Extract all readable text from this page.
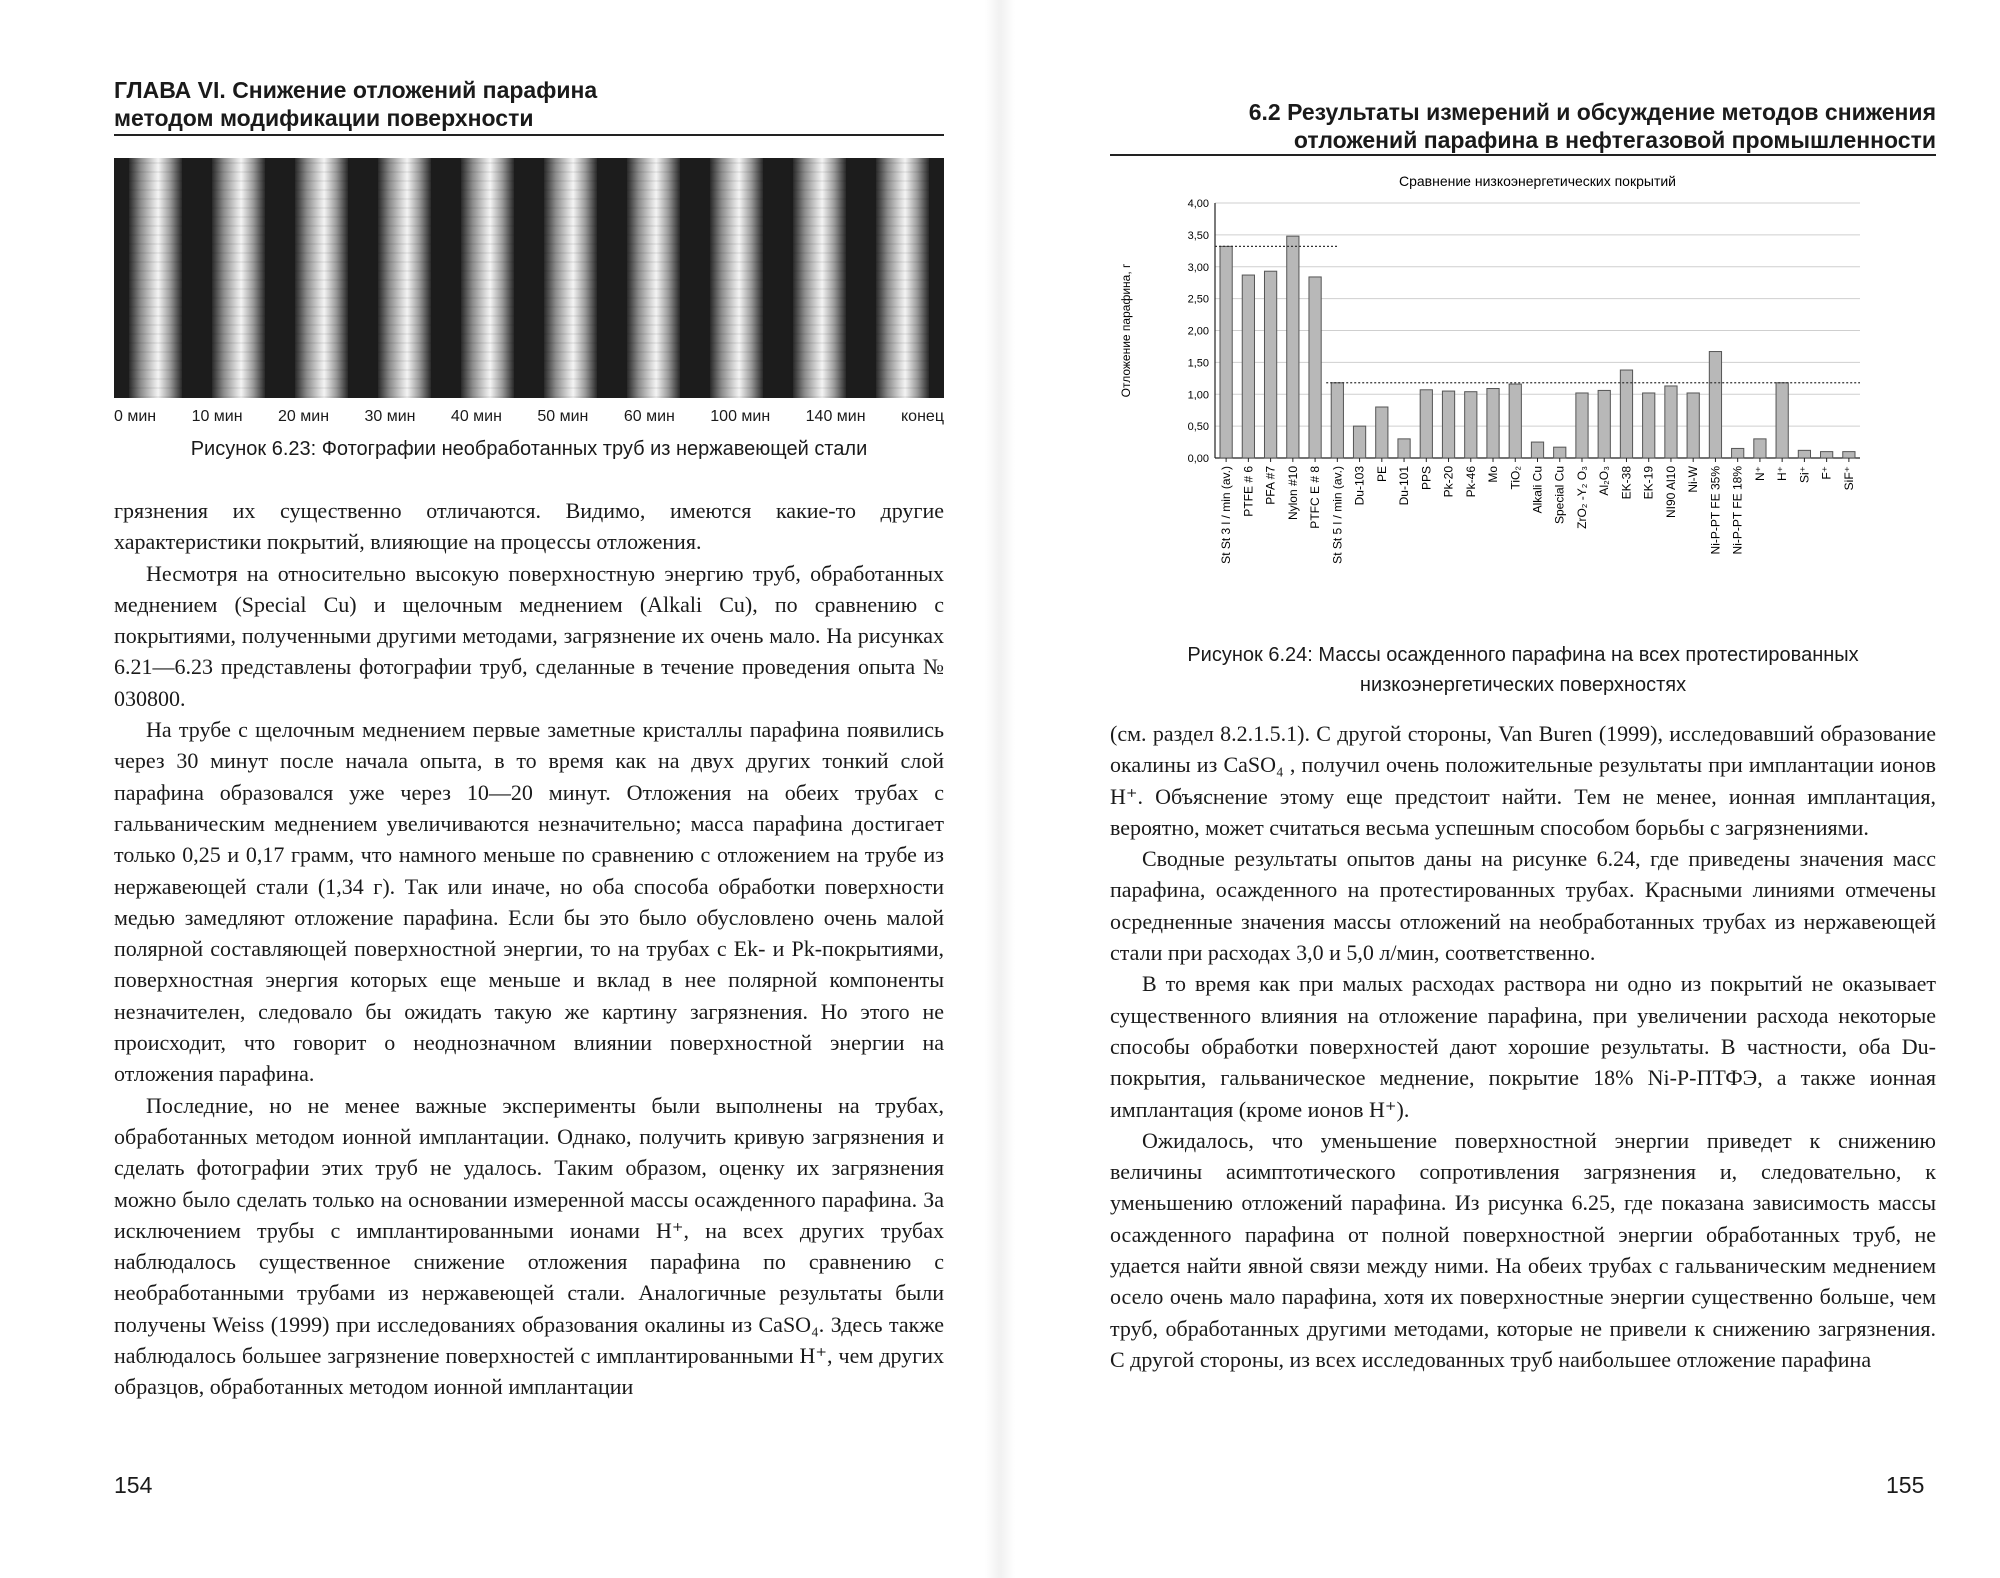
ГЛАВА VI. Снижение отложений парафина
методом модификации поверхности
0 мин 10 мин 20 мин 30 мин 40 мин 50 мин 60 мин 100 мин 140 мин конец
Рисунок 6.23: Фотографии необработанных труб из нержавеющей стали

грязнения их существенно отличаются. Видимо, имеются какие-то другие характеристики покрытий, влияющие на процессы отложения.

Несмотря на относительно высокую поверхностную энергию труб, обработанных меднением (Special Cu) и щелочным меднением (Alkali Cu), по сравнению с покрытиями, полученными другими методами, загрязнение их очень мало. На рисунках 6.21—6.23 представлены фотографии труб, сделанные в течение проведения опыта № 030800.

На трубе с щелочным меднением первые заметные кристаллы парафина появились через 30 минут после начала опыта, в то время как на двух других тонкий слой парафина образовался уже через 10—20 минут. Отложения на обеих трубах с гальваническим меднением увеличиваются незначительно; масса парафина достигает только 0,25 и 0,17 грамм, что намного меньше по сравнению с отложением на трубе из нержавеющей стали (1,34 г). Так или иначе, но оба способа обработки поверхности медью замедляют отложение парафина. Если бы это было обусловлено очень малой полярной составляющей поверхностной энергии, то на трубах с Ek- и Pk-покрытиями, поверхностная энергия которых еще меньше и вклад в нее полярной компоненты незначителен, следовало бы ожидать такую же картину загрязнения. Но этого не происходит, что говорит о неоднозначном влиянии поверхностной энергии на отложения парафина.

Последние, но не менее важные эксперименты были выполнены на трубах, обработанных методом ионной имплантации. Однако, получить кривую загрязнения и сделать фотографии этих труб не удалось. Таким образом, оценку их загрязнения можно было сделать только на основании измеренной массы осажденного парафина. За исключением трубы с имплантированными ионами H⁺, на всех других трубах наблюдалось существенное снижение отложения парафина по сравнению с необработанными трубами из нержавеющей стали. Аналогичные результаты были получены Weiss (1999) при исследованиях образования окалины из CaSO₄. Здесь также наблюдалось большее загрязнение поверхностей с имплантированными H⁺, чем других образцов, обработанных методом ионной имплантации

154
6.2 Результаты измерений и обсуждение методов снижения
отложений парафина в нефтегазовой промышленности
Сравнение низкоэнергетических покрытий
0,00
0,50
1,00
1,50
2,00
2,50
3,00
3,50
4,00
Отложение парафина, г
St St 3 l / min (av.) PTFE # 6 PFA #7 Nylon #10 PTFC E # 8 St St 5 l / min (av.) Du-103 PE Du-101 PPS Pk-20 Pk-46 Mo TiO₂ Alkali Cu Special Cu ZrO₂ -Y₂ O₃ Al₂O₃ EK-38 EK-19 NI90 Al10 Ni-W Ni-P-PT FE 35% Ni-P-PT FE 18% N⁺ H⁺ Si⁺ F⁺ SiF⁺
Рисунок 6.24: Массы осажденного парафина на всех протестированных
низкоэнергетических поверхностях

(см. раздел 8.2.1.5.1). С другой стороны, Van Buren (1999), исследовавший образование окалины из CaSO₄ , получил очень положительные результаты при имплантации ионов H⁺. Объяснение этому еще предстоит найти. Тем не менее, ионная имплантация, вероятно, может считаться весьма успешным способом борьбы с загрязнениями.

Сводные результаты опытов даны на рисунке 6.24, где приведены значения масс парафина, осажденного на протестированных трубах. Красными линиями отмечены осредненные значения массы отложений на необработанных трубах из нержавеющей стали при расходах 3,0 и 5,0 л/мин, соответственно.

В то время как при малых расходах раствора ни одно из покрытий не оказывает существенного влияния на отложение парафина, при увеличении расхода некоторые способы обработки поверхностей дают хорошие результаты. В частности, оба Du-покрытия, гальваническое меднение, покрытие 18% Ni-P-ПТФЭ, а также ионная имплантация (кроме ионов H⁺).

Ожидалось, что уменьшение поверхностной энергии приведет к снижению величины асимптотического сопротивления загрязнения и, следовательно, к уменьшению отложений парафина. Из рисунка 6.25, где показана зависимость массы осажденного парафина от полной поверхностной энергии обработанных труб, не удается найти явной связи между ними. На обеих трубах с гальваническим меднением осело очень мало парафина, хотя их поверхностные энергии существенно больше, чем труб, обработанных другими методами, которые не привели к снижению загрязнения. С другой стороны, из всех исследованных труб наибольшее отложение парафина

155
